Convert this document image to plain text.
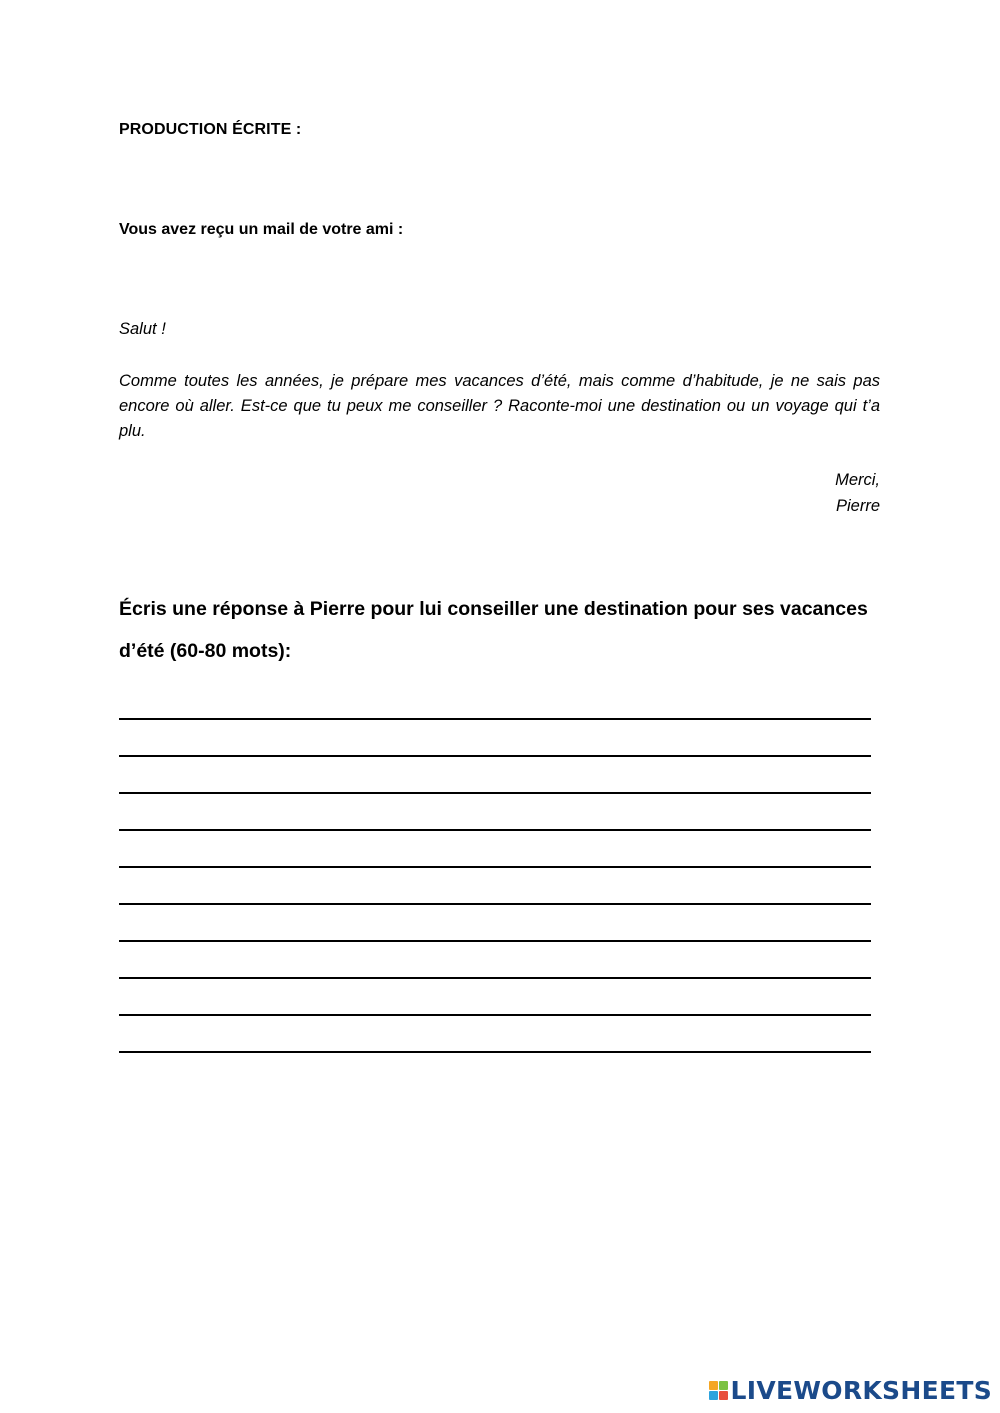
PRODUCTION ÉCRITE :
Vous avez reçu un mail de votre ami :
Salut !
Comme toutes les années, je prépare mes vacances d’été, mais comme d’habitude, je ne sais pas encore où aller. Est-ce que tu peux me conseiller ? Raconte-moi une destination ou un voyage qui t’a plu.
Merci,
Pierre
Écris une réponse à Pierre pour lui conseiller une destination pour ses vacances d’été (60-80 mots):
LIVEWORKSHEETS
